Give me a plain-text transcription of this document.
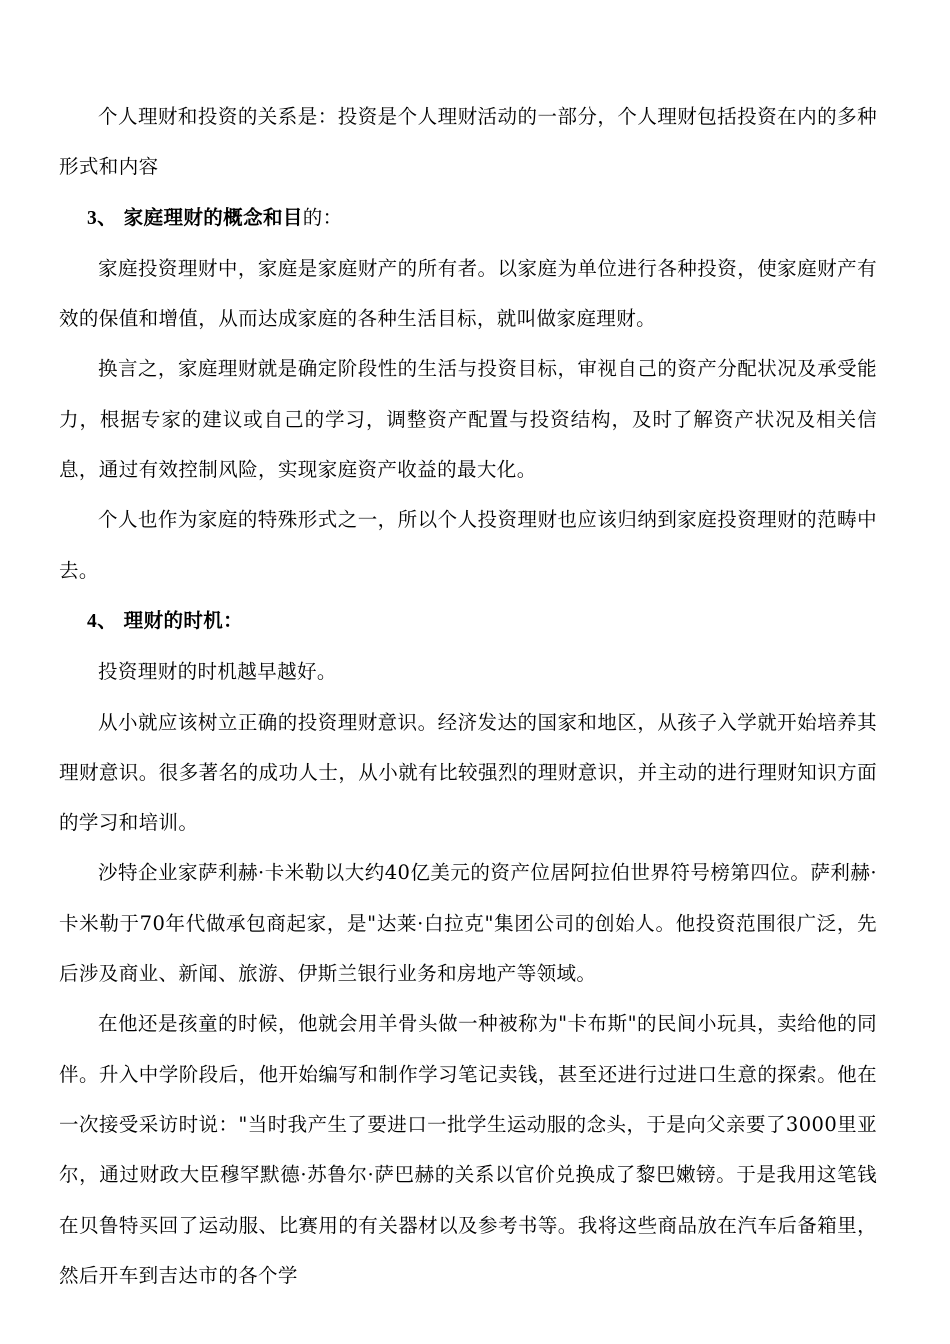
个人理财和投资的关系是：投资是个人理财活动的一部分，个人理财包括投资在内的多种形式和内容

3、 家庭理财的概念和目的：

家庭投资理财中，家庭是家庭财产的所有者。以家庭为单位进行各种投资，使家庭财产有效的保值和增值，从而达成家庭的各种生活目标，就叫做家庭理财。

换言之，家庭理财就是确定阶段性的生活与投资目标，审视自己的资产分配状况及承受能力，根据专家的建议或自己的学习，调整资产配置与投资结构，及时了解资产状况及相关信息，通过有效控制风险，实现家庭资产收益的最大化。

个人也作为家庭的特殊形式之一，所以个人投资理财也应该归纳到家庭投资理财的范畴中去。

4、 理财的时机：

投资理财的时机越早越好。

从小就应该树立正确的投资理财意识。经济发达的国家和地区，从孩子入学就开始培养其理财意识。很多著名的成功人士，从小就有比较强烈的理财意识，并主动的进行理财知识方面的学习和培训。

沙特企业家萨利赫·卡米勒以大约40亿美元的资产位居阿拉伯世界符号榜第四位。萨利赫·卡米勒于70年代做承包商起家，是"达莱·白拉克"集团公司的创始人。他投资范围很广泛，先后涉及商业、新闻、旅游、伊斯兰银行业务和房地产等领域。

在他还是孩童的时候，他就会用羊骨头做一种被称为"卡布斯"的民间小玩具，卖给他的同伴。升入中学阶段后，他开始编写和制作学习笔记卖钱，甚至还进行过进口生意的探索。他在一次接受采访时说："当时我产生了要进口一批学生运动服的念头，于是向父亲要了3000里亚尔，通过财政大臣穆罕默德·苏鲁尔·萨巴赫的关系以官价兑换成了黎巴嫩镑。于是我用这笔钱在贝鲁特买回了运动服、比赛用的有关器材以及参考书等。我将这些商品放在汽车后备箱里，然后开车到吉达市的各个学
